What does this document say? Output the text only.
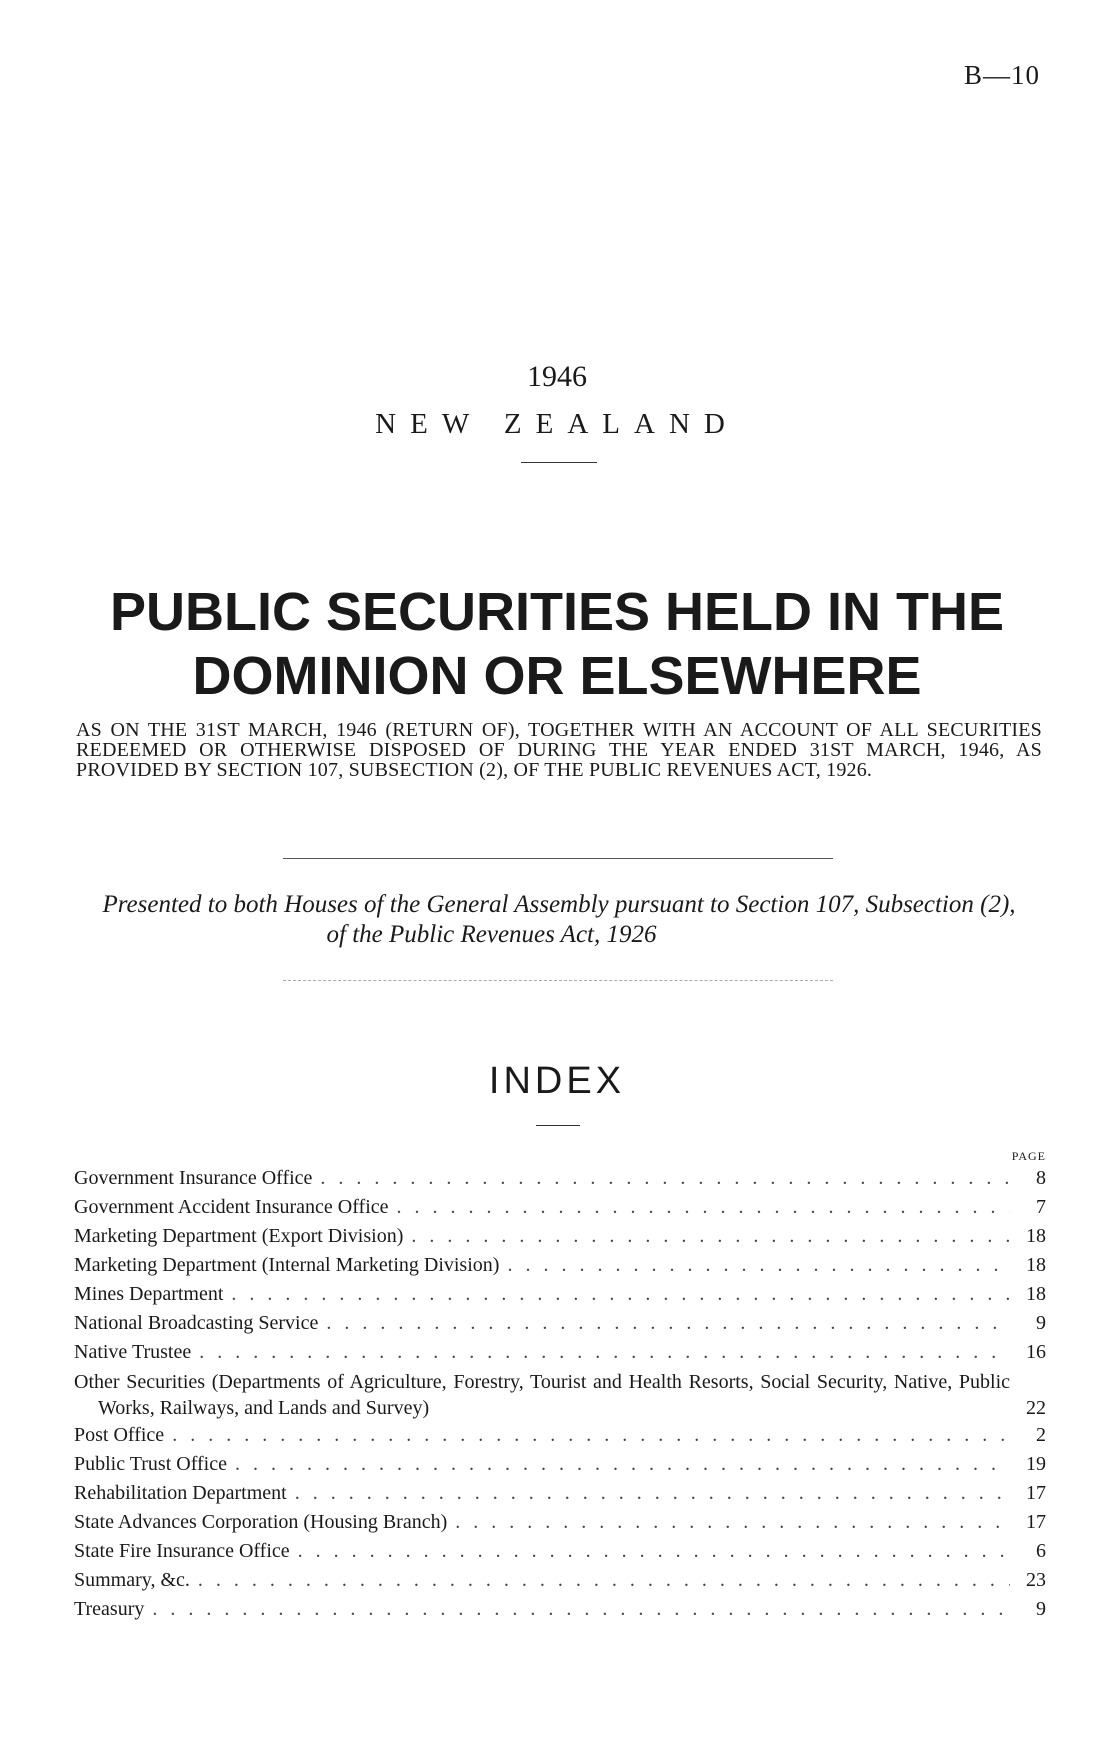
B—10
1946
NEW ZEALAND
PUBLIC SECURITIES HELD IN THE
DOMINION OR ELSEWHERE
AS ON THE 31ST MARCH, 1946 (RETURN OF), TOGETHER WITH AN ACCOUNT OF ALL SECURITIES REDEEMED OR OTHERWISE DISPOSED OF DURING THE YEAR ENDED 31ST MARCH, 1946, AS PROVIDED BY SECTION 107, SUBSECTION (2), OF THE PUBLIC REVENUES ACT, 1926.
Presented to both Houses of the General Assembly pursuant to Section 107, Subsection (2),
of the Public Revenues Act, 1926
INDEX
PAGE
Government Insurance Office . . .	8
Government Accident Insurance Office . . .	7
Marketing Department (Export Division) . . .	18
Marketing Department (Internal Marketing Division) . . .	18
Mines Department . . .	18
National Broadcasting Service . . .	9
Native Trustee . . .	16
Other Securities (Departments of Agriculture, Forestry, Tourist and Health Resorts, Social Security, Native, Public Works, Railways, and Lands and Survey)	22
Post Office . . .	2
Public Trust Office . . .	19
Rehabilitation Department . . .	17
State Advances Corporation (Housing Branch) . . .	17
State Fire Insurance Office . . .	6
Summary, &c. . . .	23
Treasury . . .	9
